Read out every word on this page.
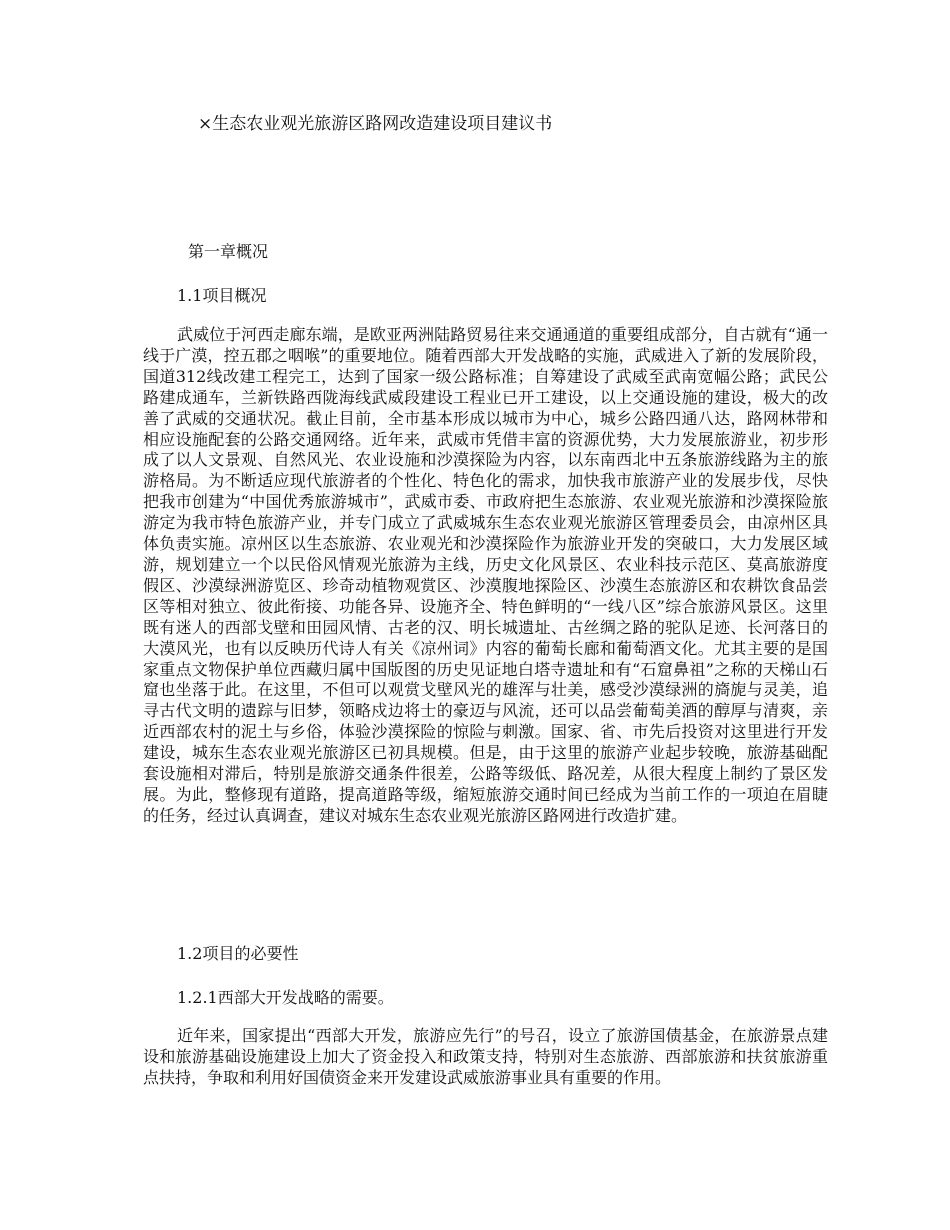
×生态农业观光旅游区路网改造建设项目建议书
第一章概况
1.1项目概况

武威位于河西走廊东端，是欧亚两洲陆路贸易往来交通通道的重要组成部分，自古就有“通一线于广漠，控五郡之咽喉”的重要地位。随着西部大开发战略的实施，武威进入了新的发展阶段，国道312线改建工程完工，达到了国家一级公路标准；自筹建设了武威至武南宽幅公路；武民公路建成通车，兰新铁路西陇海线武威段建设工程业已开工建设，以上交通设施的建设，极大的改善了武威的交通状况。截止目前，全市基本形成以城市为中心，城乡公路四通八达，路网林带和相应设施配套的公路交通网络。近年来，武威市凭借丰富的资源优势，大力发展旅游业，初步形成了以人文景观、自然风光、农业设施和沙漠探险为内容，以东南西北中五条旅游线路为主的旅游格局。为不断适应现代旅游者的个性化、特色化的需求，加快我市旅游产业的发展步伐，尽快把我市创建为“中国优秀旅游城市”，武威市委、市政府把生态旅游、农业观光旅游和沙漠探险旅游定为我市特色旅游产业，并专门成立了武威城东生态农业观光旅游区管理委员会，由凉州区具体负责实施。凉州区以生态旅游、农业观光和沙漠探险作为旅游业开发的突破口，大力发展区域游，规划建立一个以民俗风情观光旅游为主线，历史文化风景区、农业科技示范区、莫高旅游度假区、沙漠绿洲游览区、珍奇动植物观赏区、沙漠腹地探险区、沙漠生态旅游区和农耕饮食品尝区等相对独立、彼此衔接、功能各异、设施齐全、特色鲜明的“一线八区”综合旅游风景区。这里既有迷人的西部戈壁和田园风情、古老的汉、明长城遗址、古丝绸之路的驼队足迹、长河落日的大漠风光，也有以反映历代诗人有关《凉州词》内容的葡萄长廊和葡萄酒文化。尤其主要的是国家重点文物保护单位西藏归属中国版图的历史见证地白塔寺遗址和有“石窟鼻祖”之称的天梯山石窟也坐落于此。在这里，不但可以观赏戈壁风光的雄浑与壮美，感受沙漠绿洲的旖旎与灵美，追寻古代文明的遗踪与旧梦，领略戍边将士的豪迈与风流，还可以品尝葡萄美酒的醇厚与清爽，亲近西部农村的泥土与乡俗，体验沙漠探险的惊险与刺激。国家、省、市先后投资对这里进行开发建设，城东生态农业观光旅游区已初具规模。但是，由于这里的旅游产业起步较晚，旅游基础配套设施相对滞后，特别是旅游交通条件很差，公路等级低、路况差，从很大程度上制约了景区发展。为此，整修现有道路，提高道路等级，缩短旅游交通时间已经成为当前工作的一项迫在眉睫的任务，经过认真调查，建议对城东生态农业观光旅游区路网进行改造扩建。

1.2项目的必要性
1.2.1西部大开发战略的需要。

近年来，国家提出“西部大开发，旅游应先行”的号召，设立了旅游国债基金，在旅游景点建设和旅游基础设施建设上加大了资金投入和政策支持，特别对生态旅游、西部旅游和扶贫旅游重点扶持，争取和利用好国债资金来开发建设武威旅游事业具有重要的作用。
